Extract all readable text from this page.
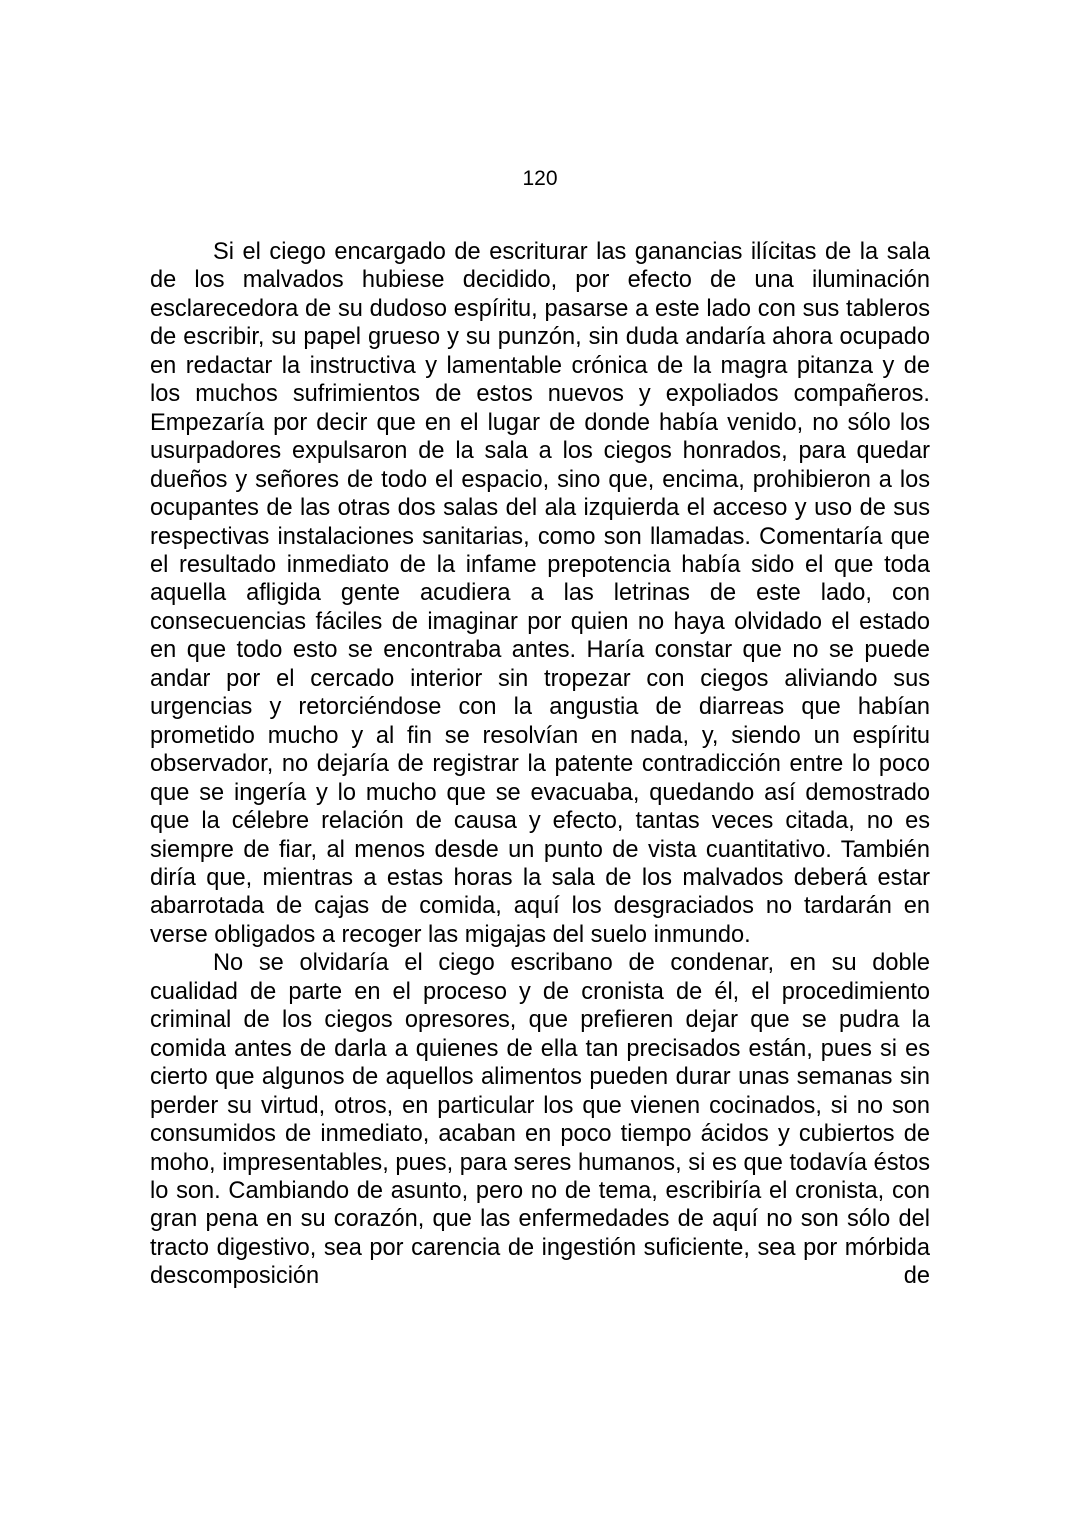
120

Si el ciego encargado de escriturar las ganancias ilícitas de la sala de los malvados hubiese decidido, por efecto de una iluminación esclarecedora de su dudoso espíritu, pasarse a este lado con sus tableros de escribir, su papel grueso y su punzón, sin duda andaría ahora ocupado en redactar la instructiva y lamentable crónica de la magra pitanza y de los muchos sufrimientos de estos nuevos y expoliados compañeros. Empezaría por decir que en el lugar de donde había venido, no sólo los usurpadores expulsaron de la sala a los ciegos honrados, para quedar dueños y señores de todo el espacio, sino que, encima, prohibieron a los ocupantes de las otras dos salas del ala izquierda el acceso y uso de sus respectivas instalaciones sanitarias, como son llamadas. Comentaría que el resultado inmediato de la infame prepotencia había sido el que toda aquella afligida gente acudiera a las letrinas de este lado, con consecuencias fáciles de imaginar por quien no haya olvidado el estado en que todo esto se encontraba antes. Haría constar que no se puede andar por el cercado interior sin tropezar con ciegos aliviando sus urgencias y retorciéndose con la angustia de diarreas que habían prometido mucho y al fin se resolvían en nada, y, siendo un espíritu observador, no dejaría de registrar la patente contradicción entre lo poco que se ingería y lo mucho que se evacuaba, quedando así demostrado que la célebre relación de causa y efecto, tantas veces citada, no es siempre de fiar, al menos desde un punto de vista cuantitativo. También diría que, mientras a estas horas la sala de los malvados deberá estar abarrotada de cajas de comida, aquí los desgraciados no tardarán en verse obligados a recoger las migajas del suelo inmundo.

No se olvidaría el ciego escribano de condenar, en su doble cualidad de parte en el proceso y de cronista de él, el procedimiento criminal de los ciegos opresores, que prefieren dejar que se pudra la comida antes de darla a quienes de ella tan precisados están, pues si es cierto que algunos de aquellos alimentos pueden durar unas semanas sin perder su virtud, otros, en particular los que vienen cocinados, si no son consumidos de inmediato, acaban en poco tiempo ácidos y cubiertos de moho, impresentables, pues, para seres humanos, si es que todavía éstos lo son. Cambiando de asunto, pero no de tema, escribiría el cronista, con gran pena en su corazón, que las enfermedades de aquí no son sólo del tracto digestivo, sea por carencia de ingestión suficiente, sea por mórbida descomposición de
